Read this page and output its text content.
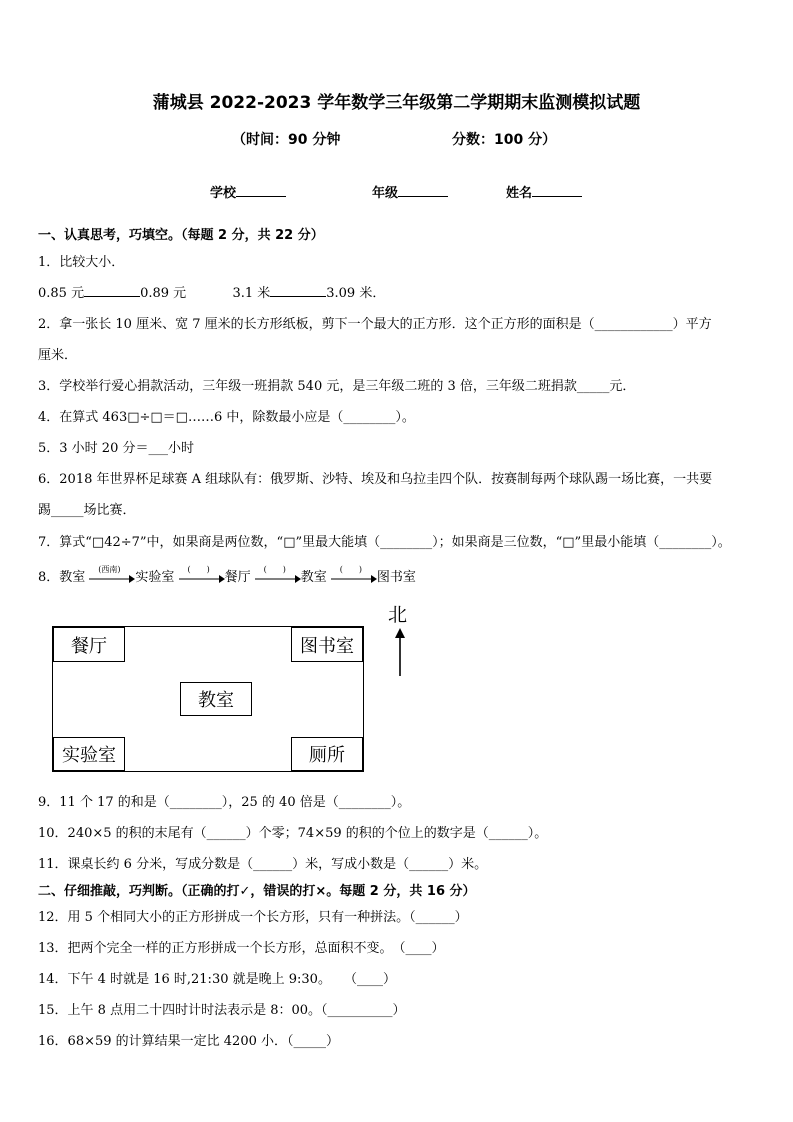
蒲城县 2022-2023 学年数学三年级第二学期期末监测模拟试题
（时间：90 分钟	分数：100 分）
学校	年级	姓名
一、认真思考，巧填空。（每题 2 分，共 22 分）
1．比较大小．
0.85 元	0.89 元	3.1 米	3.09 米．
2．拿一张长 10 厘米、宽 7 厘米的长方形纸板，剪下一个最大的正方形．这个正方形的面积是（____________）平方
厘米．
3．学校举行爱心捐款活动，三年级一班捐款 540 元，是三年级二班的 3 倍，三年级二班捐款_____元．
4．在算式 463□÷□＝□……6 中，除数最小应是（________）。
5．3 小时 20 分＝___小时
6．2018 年世界杯足球赛 A 组球队有：俄罗斯、沙特、埃及和乌拉圭四个队．按赛制每两个球队踢一场比赛，一共要
踢_____场比赛．
7．算式“□42÷7”中，如果商是两位数，“□”里最大能填（________）；如果商是三位数，“□”里最小能填（________）。
8．教室
(西南)
实验室
(　　)
餐厅
(　　)
教室
(　　)
图书室
餐厅	图书室
教室
实验室	厕所
北
9．11 个 17 的和是（________），25 的 40 倍是（________）。
10．240×5 的积的末尾有（______）个零；74×59 的积的个位上的数字是（______）。
11．课桌长约 6 分米，写成分数是（______）米，写成小数是（______）米。
二、仔细推敲，巧判断。（正确的打✓，错误的打×。每题 2 分，共 16 分）
12．用 5 个相同大小的正方形拼成一个长方形，只有一种拼法。（______）
13．把两个完全一样的正方形拼成一个长方形，总面积不变。　（____）
14．下午 4 时就是 16 时,21:30 就是晚上 9:30。　　（____）
15．上午 8 点用二十四时计时法表示是 8：00。（__________）
16．68×59 的计算结果一定比 4200 小．（_____）
